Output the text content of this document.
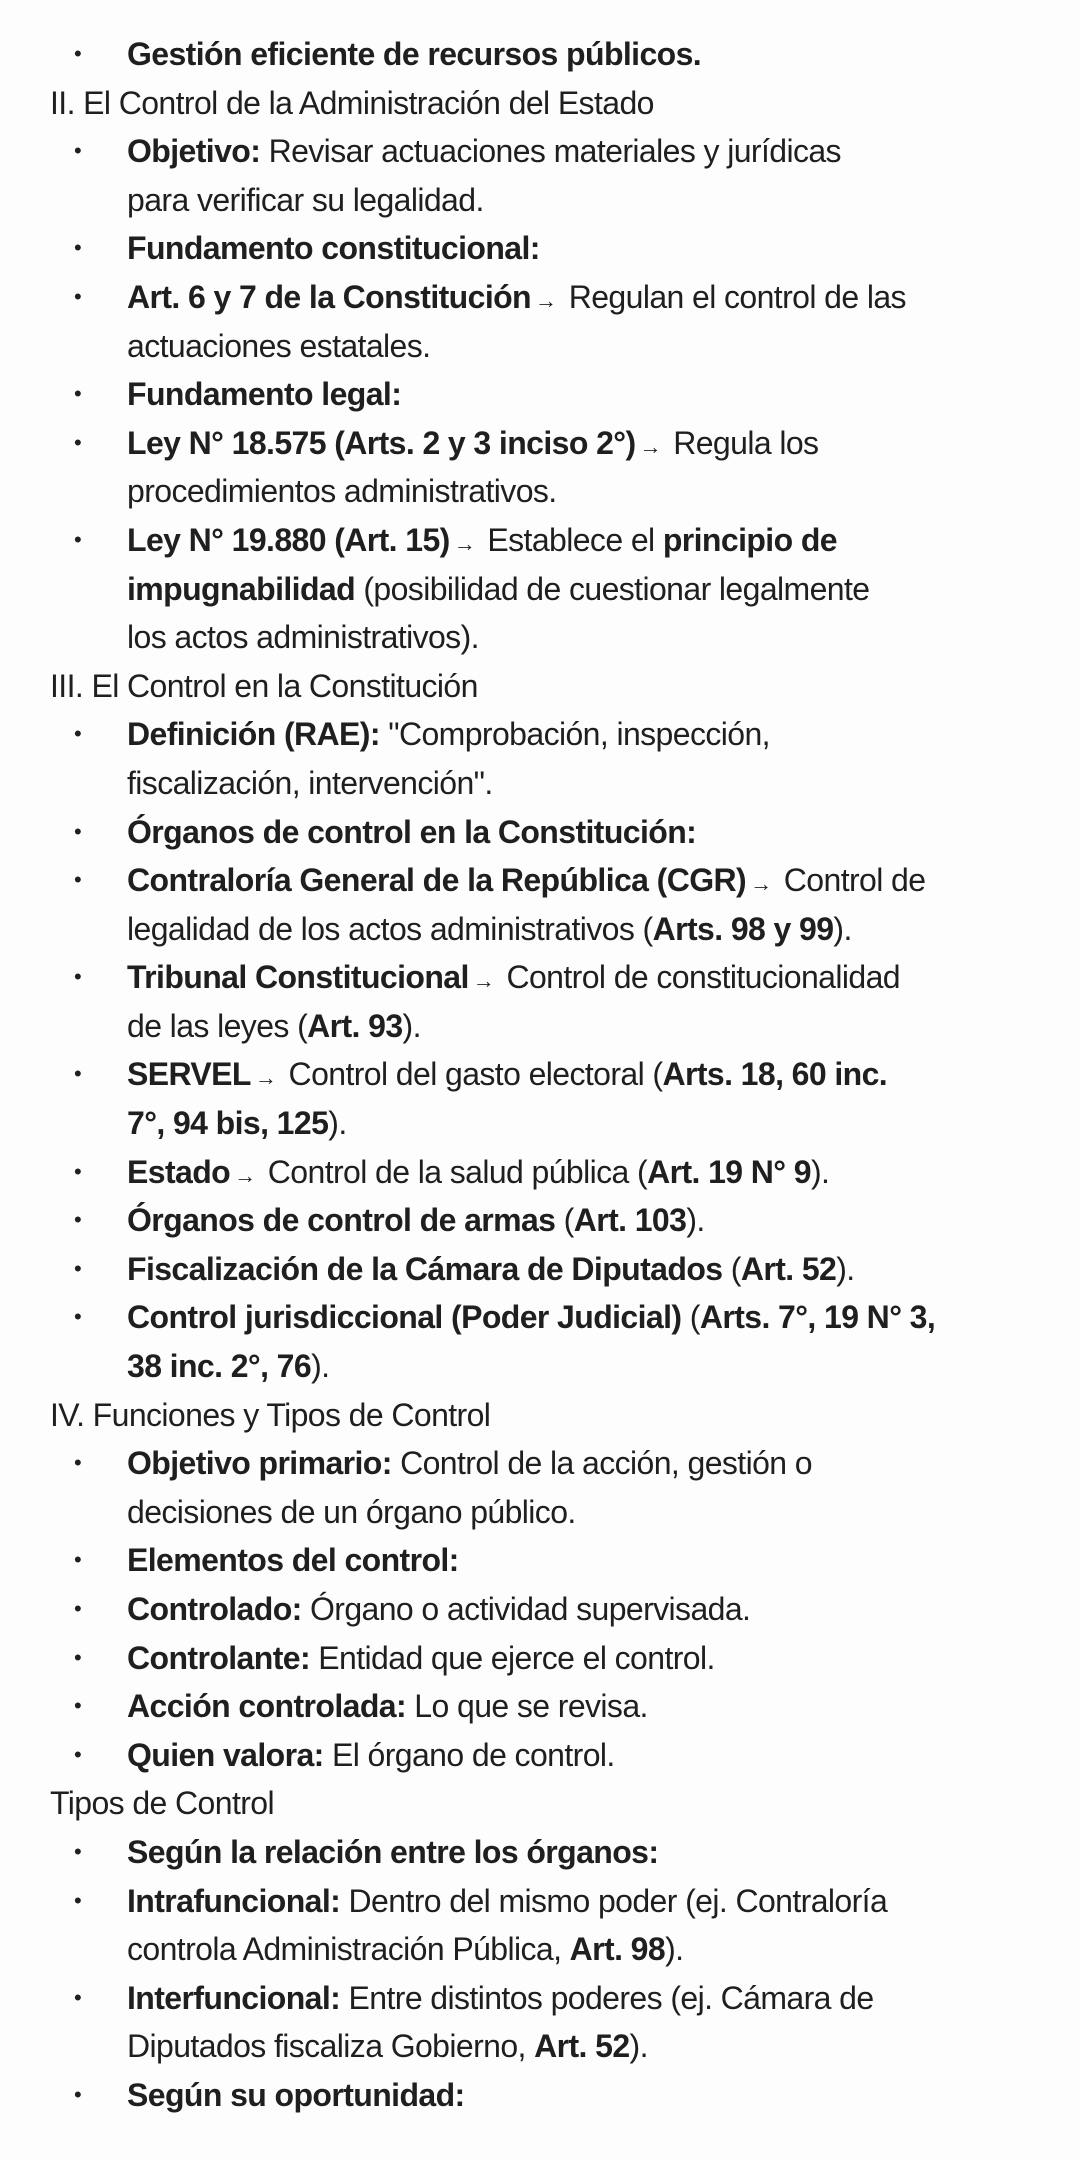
• Gestión eficiente de recursos públicos.
II. El Control de la Administración del Estado
• Objetivo: Revisar actuaciones materiales y jurídicas
para verificar su legalidad.
• Fundamento constitucional:
• Art. 6 y 7 de la Constitución → Regulan el control de las
actuaciones estatales.
• Fundamento legal:
• Ley N° 18.575 (Arts. 2 y 3 inciso 2°) → Regula los
procedimientos administrativos.
• Ley N° 19.880 (Art. 15) → Establece el principio de
impugnabilidad (posibilidad de cuestionar legalmente
los actos administrativos).
III. El Control en la Constitución
• Definición (RAE): "Comprobación, inspección,
fiscalización, intervención".
• Órganos de control en la Constitución:
• Contraloría General de la República (CGR) → Control de
legalidad de los actos administrativos (Arts. 98 y 99).
• Tribunal Constitucional → Control de constitucionalidad
de las leyes (Art. 93).
• SERVEL → Control del gasto electoral (Arts. 18, 60 inc.
7°, 94 bis, 125).
• Estado → Control de la salud pública (Art. 19 N° 9).
• Órganos de control de armas (Art. 103).
• Fiscalización de la Cámara de Diputados (Art. 52).
• Control jurisdiccional (Poder Judicial) (Arts. 7°, 19 N° 3,
38 inc. 2°, 76).
IV. Funciones y Tipos de Control
• Objetivo primario: Control de la acción, gestión o
decisiones de un órgano público.
• Elementos del control:
• Controlado: Órgano o actividad supervisada.
• Controlante: Entidad que ejerce el control.
• Acción controlada: Lo que se revisa.
• Quien valora: El órgano de control.
Tipos de Control
• Según la relación entre los órganos:
• Intrafuncional: Dentro del mismo poder (ej. Contraloría
controla Administración Pública, Art. 98).
• Interfuncional: Entre distintos poderes (ej. Cámara de
Diputados fiscaliza Gobierno, Art. 52).
• Según su oportunidad:
